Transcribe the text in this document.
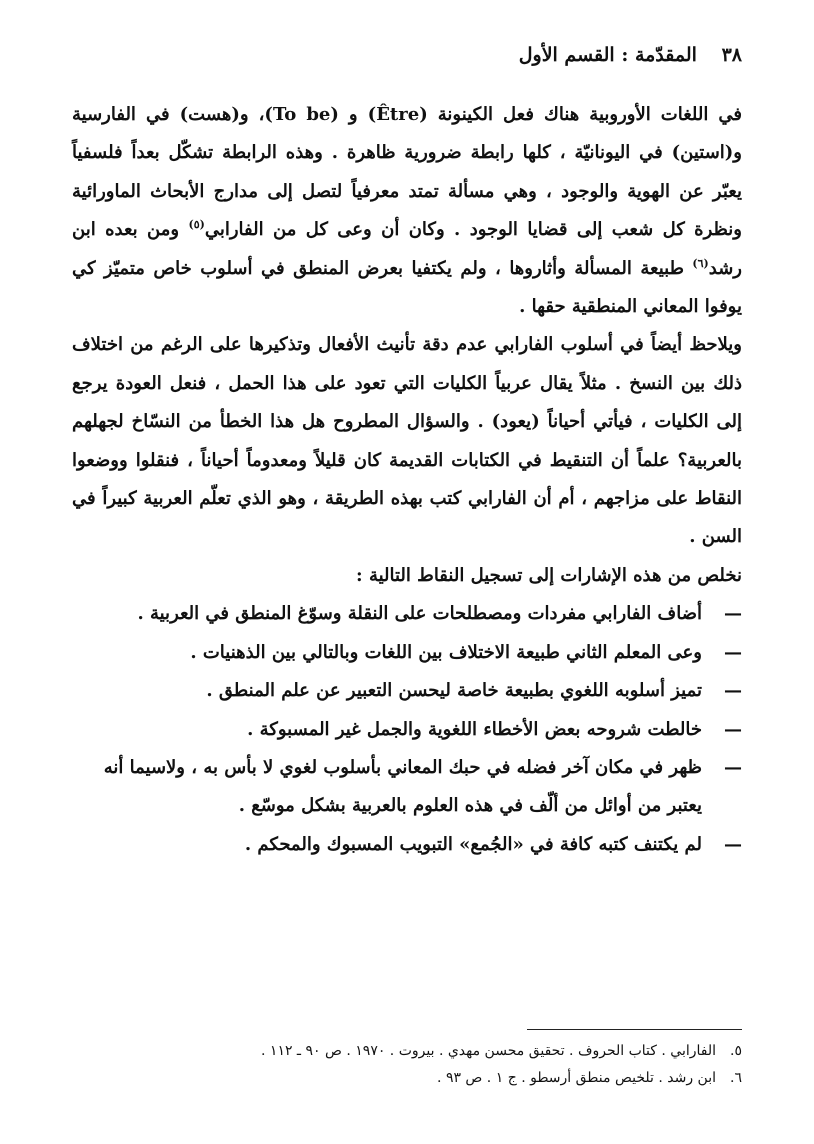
٣٨ المقدّمة : القسم الأول

في اللغات الأوروبية هناك فعل الكينونة (Être) و (To be)، و(هست) في الفارسية و(استين) في اليونانيّة ، كلها رابطة ضرورية ظاهرة . وهذه الرابطة تشكّل بعداً فلسفياً يعبّر عن الهوية والوجود ، وهي مسألة تمتد معرفياً لتصل إلى مدارج الأبحاث الماورائية ونظرة كل شعب إلى قضايا الوجود . وكان أن وعى كل من الفارابي$^{(٥)}$ ومن بعده ابن رشد$^{(٦)}$ طبيعة المسألة وأثاروها ، ولم يكتفيا بعرض المنطق في أسلوب خاص متميّز كي يوفوا المعاني المنطقية حقها .

ويلاحظ أيضاً في أسلوب الفارابي عدم دقة تأنيث الأفعال وتذكيرها على الرغم من اختلاف ذلك بين النسخ . مثلاً يقال عربياً الكليات التي تعود على هذا الحمل ، فنعل العودة يرجع إلى الكليات ، فيأتي أحياناً (يعود) . والسؤال المطروح هل هذا الخطأ من النسّاخ لجهلهم بالعربية؟ علماً أن التنقيط في الكتابات القديمة كان قليلاً ومعدوماً أحياناً ، فنقلوا ووضعوا النقاط على مزاجهم ، أم أن الفارابي كتب بهذه الطريقة ، وهو الذي تعلّم العربية كبيراً في السن .

نخلص من هذه الإشارات إلى تسجيل النقاط التالية :

—
أضاف الفارابي مفردات ومصطلحات على النقلة وسوّغ المنطق في العربية .
—
وعى المعلم الثاني طبيعة الاختلاف بين اللغات وبالتالي بين الذهنيات .
—
تميز أسلوبه اللغوي بطبيعة خاصة ليحسن التعبير عن علم المنطق .
—
خالطت شروحه بعض الأخطاء اللغوية والجمل غير المسبوكة .
—
ظهر في مكان آخر فضله في حبك المعاني بأسلوب لغوي لا بأس به ، ولاسيما أنه يعتبر من أوائل من ألّف في هذه العلوم بالعربية بشكل موسّع .
—
لم يكتنف كتبه كافة في «الجُمع» التبويب المسبوك والمحكم .
٥.
الفارابي . كتاب الحروف . تحقيق محسن مهدي . بيروت . ١٩٧٠ . ص ٩٠ ـ ١١٢ .
٦.
ابن رشد . تلخيص منطق أرسطو . ج ١ . ص ٩٣ .
